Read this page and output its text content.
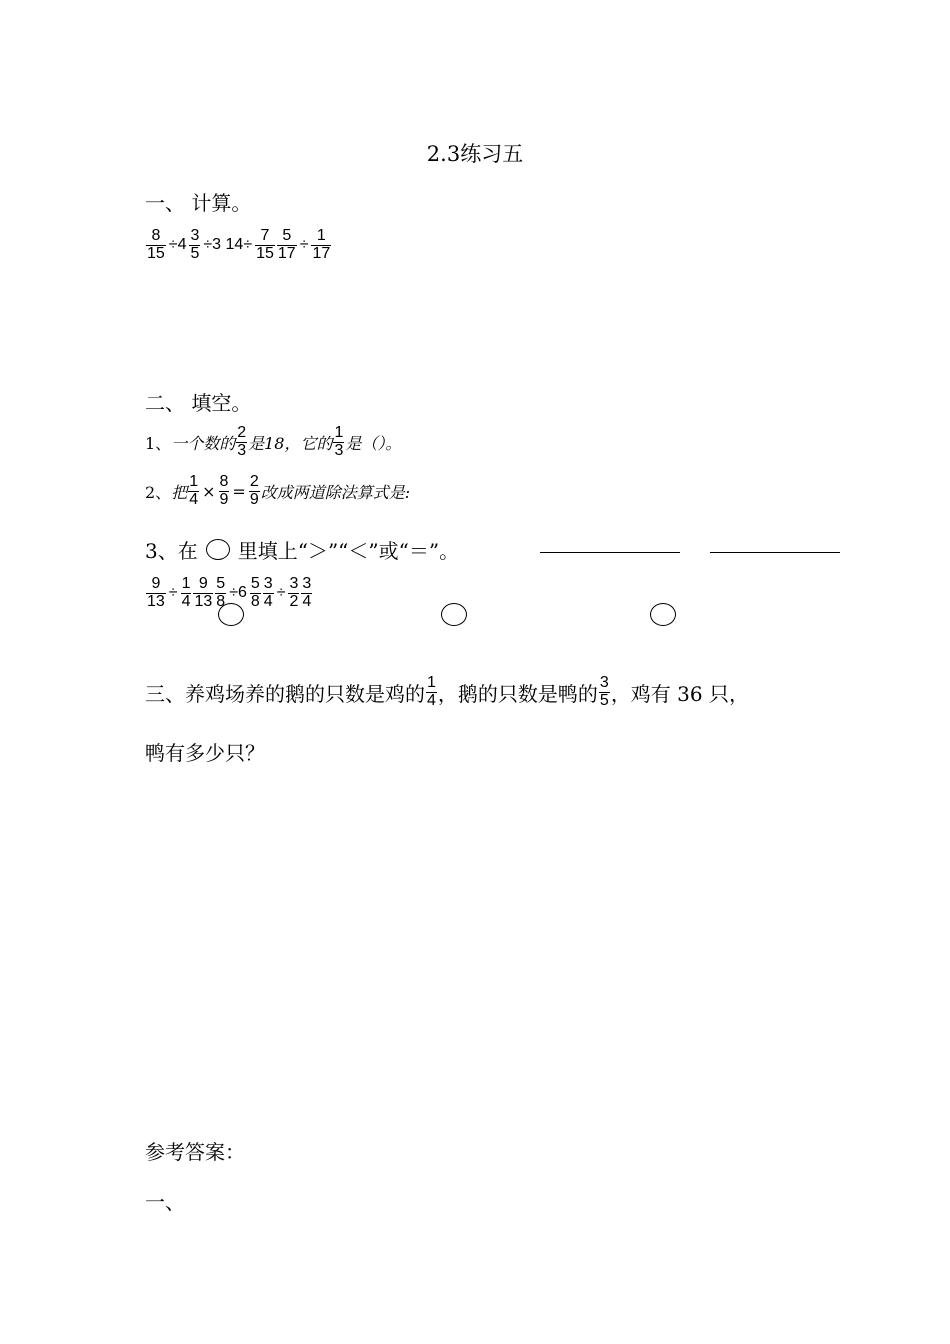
2.3练习五
一、 计算。
$\frac{8}{15} \div 4 \frac{3}{5} \div 3$ $14\div \frac{7}{15} \frac{5}{17} \div \frac{1}{17}$
二、 填空。
1、 一个数的 $\frac{2}{3}$ 是18，它的 $\frac{1}{3}$ 是（）。
2、 把 $\frac{1}{4} \times \frac{8}{9} = \frac{2}{9}$ 改成两道除法算式是:
3、在 里填上“＞”“＜”或“＝”。
$\frac{9}{13} \div \frac{1}{4} \frac{9}{13} \frac{5}{8} \div 6 \frac{5}{8} \frac{3}{4} \div \frac{3}{2} \frac{3}{4}$
三、养鸡场养的鹅的只数是鸡的 $\frac{1}{4}$ ，鹅的只数是鸭的 $\frac{3}{5}$ ，鸡有 36 只，
鸭有多少只？
参考答案：
一、
